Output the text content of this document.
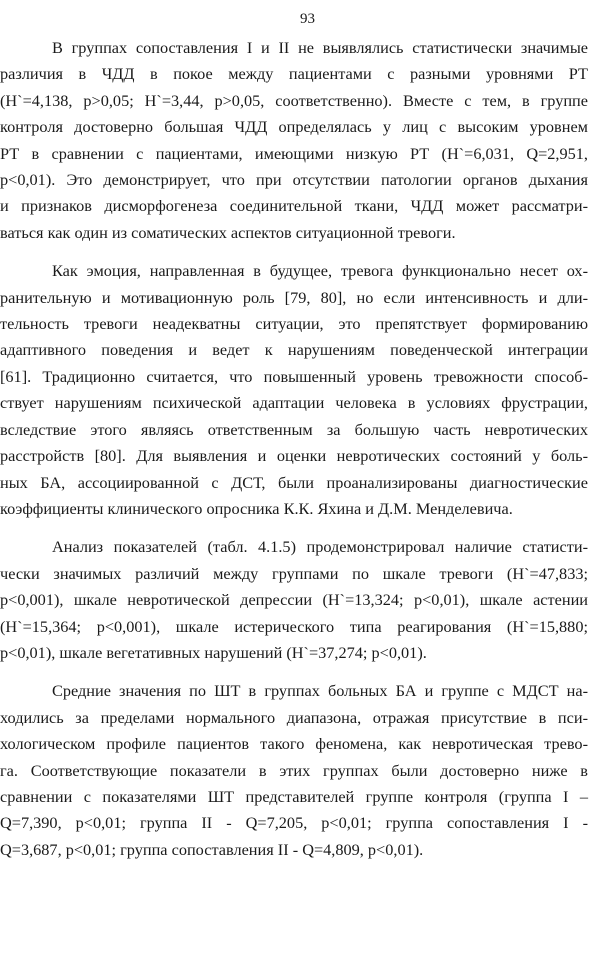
93

В группах сопоставления I и II не выявлялись статистически значимые
различия в ЧДД в покое между пациентами с разными уровнями РТ
(Н`=4,138, р>0,05; Н`=3,44, р>0,05, соответственно). Вместе с тем, в группе
контроля достоверно большая ЧДД определялась у лиц с высоким уровнем
РТ в сравнении с пациентами, имеющими низкую РТ (Н`=6,031, Q=2,951,
р<0,01). Это демонстрирует, что при отсутствии патологии органов дыхания
и признаков дисморфогенеза соединительной ткани, ЧДД может рассматри-
ваться как один из соматических аспектов ситуационной тревоги.

Как эмоция, направленная в будущее, тревога функционально несет ох-
ранительную и мотивационную роль [79, 80], но если интенсивность и дли-
тельность тревоги неадекватны ситуации, это препятствует формированию
адаптивного поведения и ведет к нарушениям поведенческой интеграции
[61]. Традиционно считается, что повышенный уровень тревожности способ-
ствует нарушениям психической адаптации человека в условиях фрустрации,
вследствие этого являясь ответственным за большую часть невротических
расстройств [80]. Для выявления и оценки невротических состояний у боль-
ных БА, ассоциированной с ДСТ, были проанализированы диагностические
коэффициенты клинического опросника К.К. Яхина и Д.М. Менделевича.

Анализ показателей (табл. 4.1.5) продемонстрировал наличие статисти-
чески значимых различий между группами по шкале тревоги (Н`=47,833;
р<0,001), шкале невротической депрессии (Н`=13,324; р<0,01), шкале астении
(Н`=15,364; р<0,001), шкале истерического типа реагирования (Н`=15,880;
р<0,01), шкале вегетативных нарушений (Н`=37,274; р<0,01).

Средние значения по ШТ в группах больных БА и группе с МДСТ на-
ходились за пределами нормального диапазона, отражая присутствие в пси-
хологическом профиле пациентов такого феномена, как невротическая трево-
га. Соответствующие показатели в этих группах были достоверно ниже в
сравнении с показателями ШТ представителей группе контроля (группа I –
Q=7,390, р<0,01; группа II - Q=7,205, р<0,01; группа сопоставления I -
Q=3,687, р<0,01; группа сопоставления II - Q=4,809, р<0,01).
